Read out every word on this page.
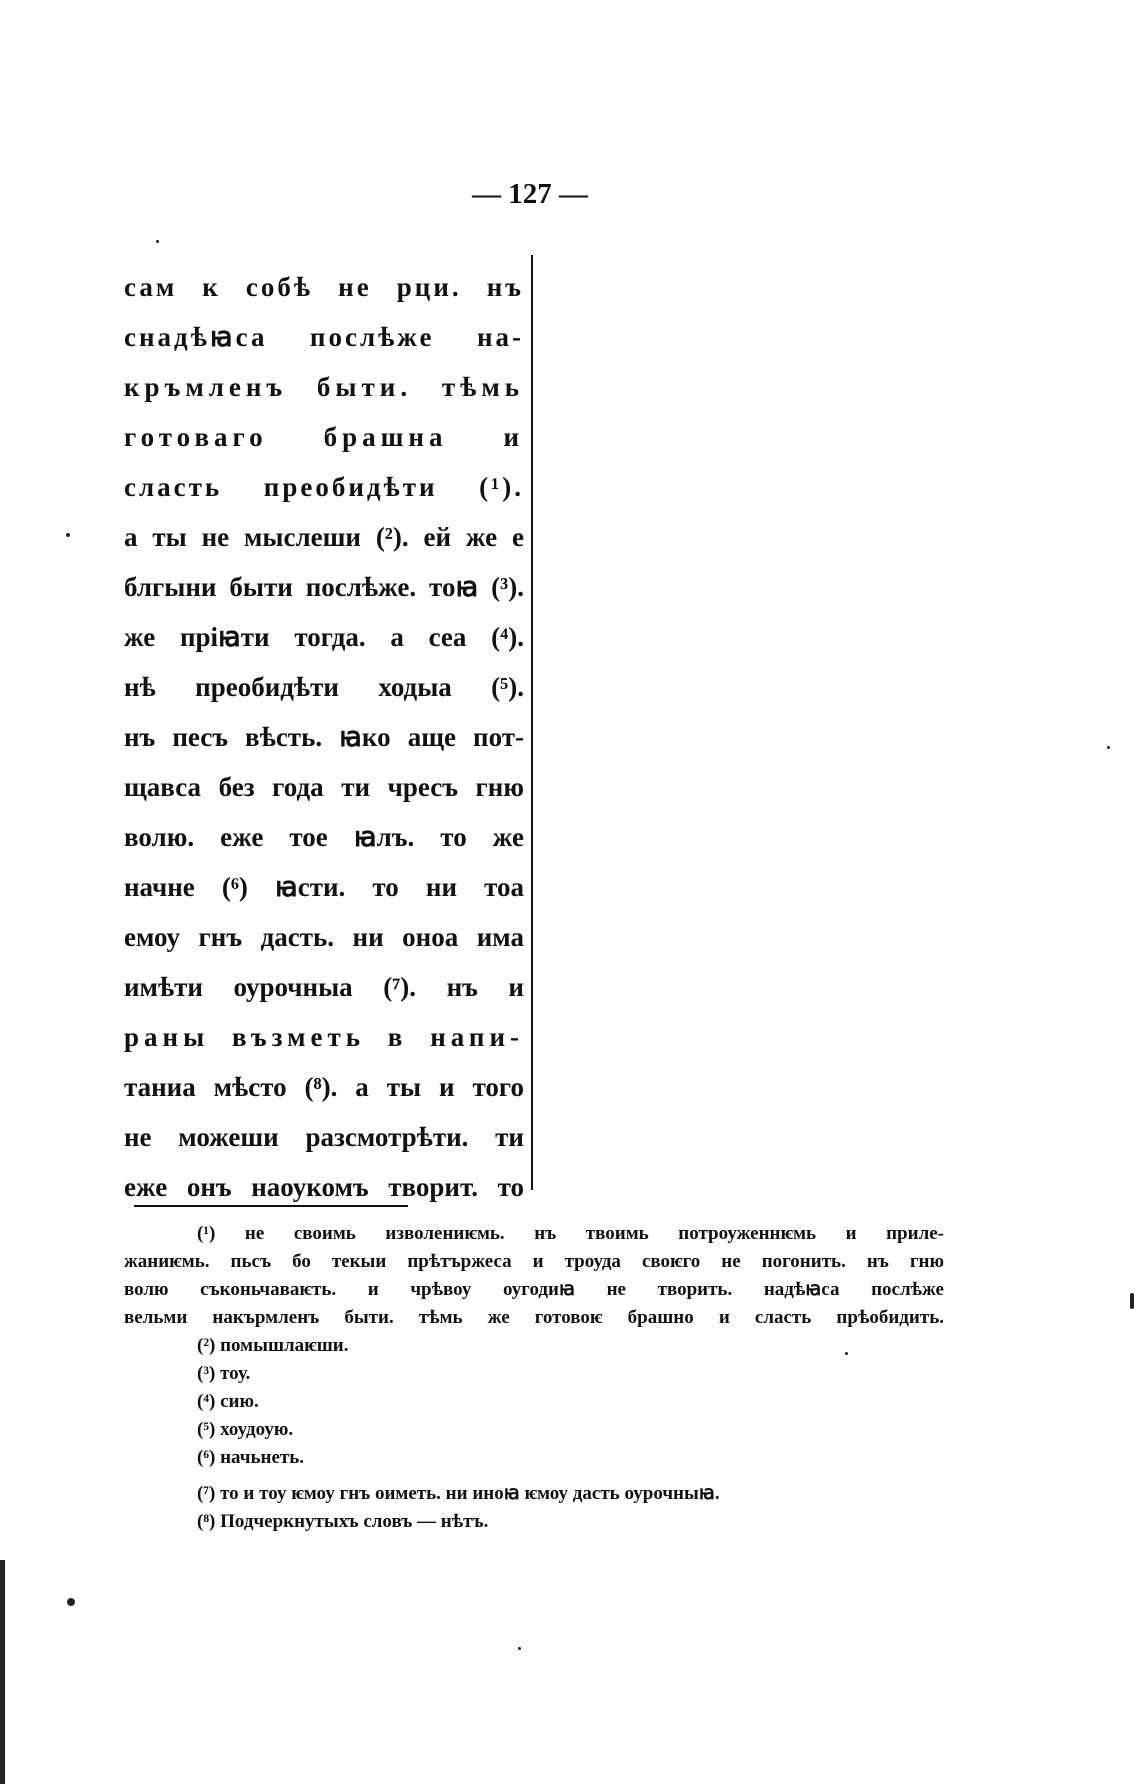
— 127 —
сам к собѣ не рци. нъ
снадѣꙗса послѣже на-
кръмленъ быти. тѣмь
готоваго брашна и
сласть преобидѣти (¹).
а ты не мыслеши (²). ей же е
блгыни быти послѣже. тоꙗ (³).
же прiꙗти тогда. а сеа (⁴).
нѣ преобидѣти ходыа (⁵).
нъ песъ вѣсть. ꙗко аще пот-
щавса без года ти чресъ гню
волю. еже тое ꙗлъ. то же
начне (⁶) ꙗсти. то ни тоа
емоу гнъ дасть. ни оноа има
имѣти оурочныа (⁷). нъ и
раны възметь в напи-
таниа мѣсто (⁸). а ты и того
не можеши разсмотрѣти. ти
еже онъ наоукомъ творит. то
(¹) не своимь изволениѥмь. нъ твоимь потроуженнѥмь и приле-
жаниѥмь. пьсъ бо текыи прѣтържеса и троуда своѥго не погонить. нъ гню
волю съконьчаваѥть. и чрѣвоу оугодиꙗ не творить. надѣꙗса послѣже
вельми накърмленъ быти. тѣмь же готовоѥ брашно и сласть прѣобидить.
(²) помышлаѥши.
(³) тоу.
(⁴) сию.
(⁵) хоудоую.
(⁶) начьнеть.
(⁷) то и тоу ѥмоу гнъ оиметь. ни иноꙗ ѥмоу дасть оурочныꙗ.
(⁸) Подчеркнутыхъ словъ — нѣтъ.
